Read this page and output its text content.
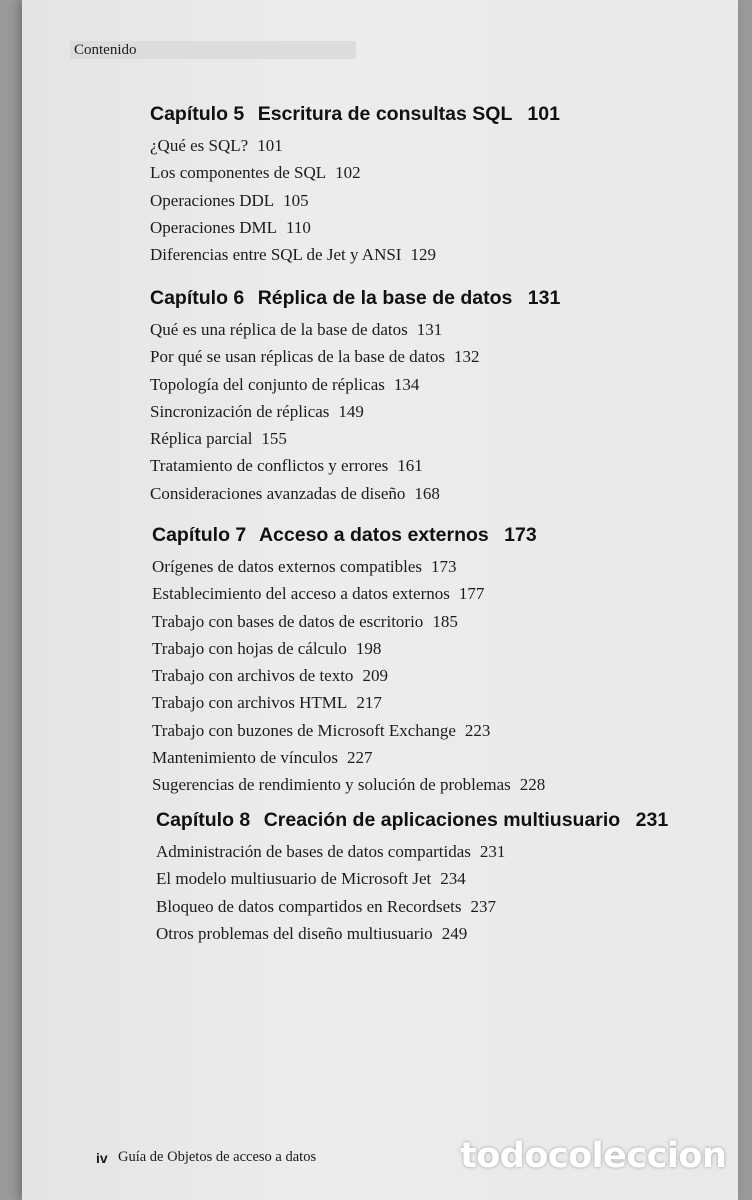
Contenido
Capítulo 5 Escritura de consultas SQL 101
¿Qué es SQL? 101
Los componentes de SQL 102
Operaciones DDL 105
Operaciones DML 110
Diferencias entre SQL de Jet y ANSI 129
Capítulo 6 Réplica de la base de datos 131
Qué es una réplica de la base de datos 131
Por qué se usan réplicas de la base de datos 132
Topología del conjunto de réplicas 134
Sincronización de réplicas 149
Réplica parcial 155
Tratamiento de conflictos y errores 161
Consideraciones avanzadas de diseño 168
Capítulo 7 Acceso a datos externos 173
Orígenes de datos externos compatibles 173
Establecimiento del acceso a datos externos 177
Trabajo con bases de datos de escritorio 185
Trabajo con hojas de cálculo 198
Trabajo con archivos de texto 209
Trabajo con archivos HTML 217
Trabajo con buzones de Microsoft Exchange 223
Mantenimiento de vínculos 227
Sugerencias de rendimiento y solución de problemas 228
Capítulo 8 Creación de aplicaciones multiusuario 231
Administración de bases de datos compartidas 231
El modelo multiusuario de Microsoft Jet 234
Bloqueo de datos compartidos en Recordsets 237
Otros problemas del diseño multiusuario 249
iv Guía de Objetos de acceso a datos	todocoleccion
